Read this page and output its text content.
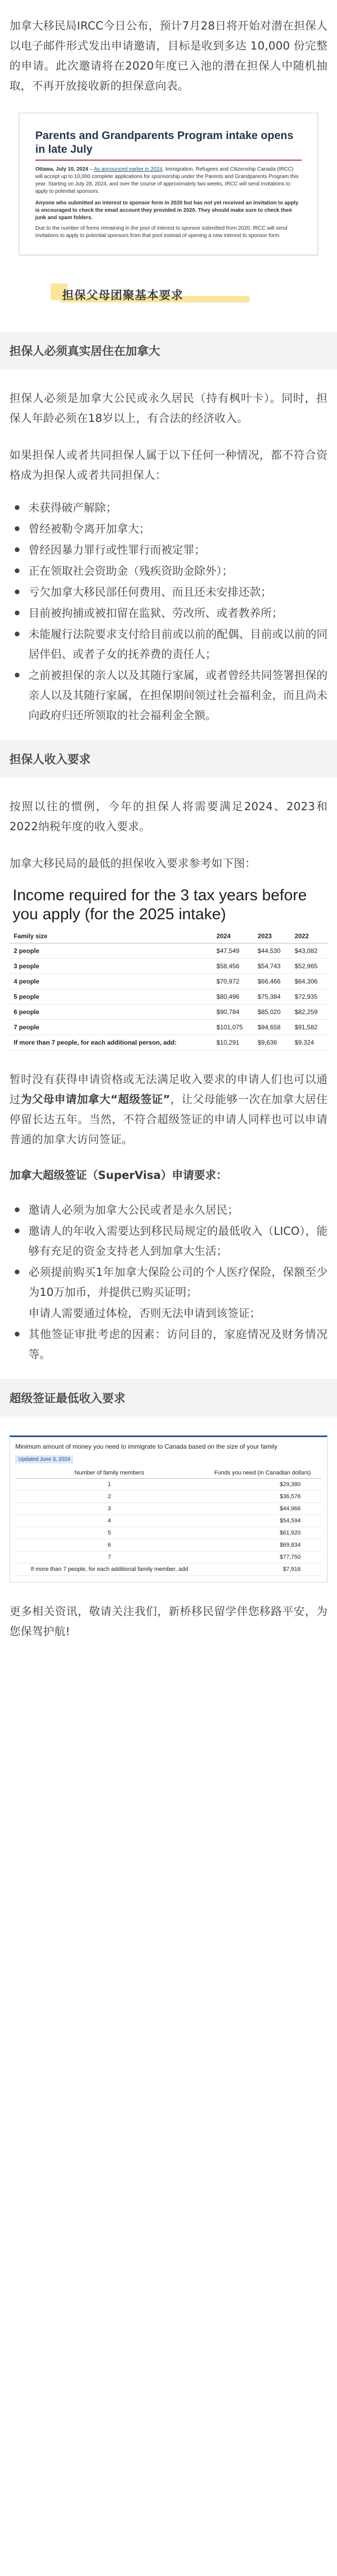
加拿大移民局IRCC今日公布，预计7月28日将开始对潜在担保人以电子邮件形式发出申请邀请，目标是收到多达 10,000 份完整的申请。此次邀请将在2020年度已入池的潜在担保人中随机抽取，不再开放接收新的担保意向表。

Parents and Grandparents Program intake opens in late July

Ottawa, July 10, 2024 – As announced earlier in 2024, Immigration, Refugees and Citizenship Canada (IRCC) will accept up to 10,000 complete applications for sponsorship under the Parents and Grandparents Program this year. Starting on July 28, 2024, and over the course of approximately two weeks, IRCC will send invitations to apply to potential sponsors.

Anyone who submitted an interest to sponsor form in 2020 but has not yet received an invitation to apply is encouraged to check the email account they provided in 2020. They should make sure to check their junk and spam folders.

Due to the number of forms remaining in the pool of interest to sponsor submitted from 2020, IRCC will send invitations to apply to potential sponsors from that pool instead of opening a new interest to sponsor form.

担保父母团聚基本要求
担保人必须真实居住在加拿大

担保人必须是加拿大公民或永久居民（持有枫叶卡）。同时，担保人年龄必须在18岁以上，有合法的经济收入。

如果担保人或者共同担保人属于以下任何一种情况，都不符合资格成为担保人或者共同担保人：

未获得破产解除；
曾经被勒令离开加拿大；
曾经因暴力罪行或性罪行而被定罪；
正在领取社会资助金（残疾资助金除外）；
亏欠加拿大移民部任何费用、而且还未安排还款；
目前被拘捕或被扣留在监狱、劳改所、或者教养所；
未能履行法院要求支付给目前或以前的配偶、目前或以前的同居伴侣、或者子女的抚养费的责任人；
之前被担保的亲人以及其随行家属，或者曾经共同签署担保的亲人以及其随行家属，在担保期间领过社会福利金，而且尚未向政府归还所领取的社会福利金全额。
担保人收入要求

按照以往的惯例，今年的担保人将需要满足2024、2023和2022纳税年度的收入要求。

加拿大移民局的最低的担保收入要求参考如下图：

Income required for the 3 tax years before you apply (for the 2025 intake)
Family size	2024	2023	2022
2 people	$47,549	$44,530	$43,082
3 people	$58,456	$54,743	$52,965
4 people	$70,972	$66,466	$64,306
5 people	$80,496	$75,384	$72,935
6 people	$90,784	$85,020	$82,259
7 people	$101,075	$94,658	$91,582
If more than 7 people, for each additional person, add:	$10,291	$9,636	$9,324

暂时没有获得申请资格或无法满足收入要求的申请人们也可以通过为父母申请加拿大“超级签证”，让父母能够一次在加拿大居住停留长达五年。当然，不符合超级签证的申请人同样也可以申请普通的加拿大访问签证。

加拿大超级签证（SuperVisa）申请要求：

邀请人必须为加拿大公民或者是永久居民；
邀请人的年收入需要达到移民局规定的最低收入（LICO），能够有充足的资金支持老人到加拿大生活；
必须提前购买1年加拿大保险公司的个人医疗保险，保额至少为10万加币，并提供已购买证明；
申请人需要通过体检，否则无法申请到该签证；
其他签证审批考虑的因素：访问目的，家庭情况及财务情况等。
超级签证最低收入要求

Minimum amount of money you need to immigrate to Canada based on the size of your family

Updated June 3, 2024
Number of family members	Funds you need (in Canadian dollars)
1	$29,380
2	$36,576
3	$44,966
4	$54,594
5	$61,920
6	$69,834
7	$77,750
If more than 7 people, for each additional family member, add	$7,916

更多相关资讯，敬请关注我们，新桥移民留学伴您移路平安，为您保驾护航!
